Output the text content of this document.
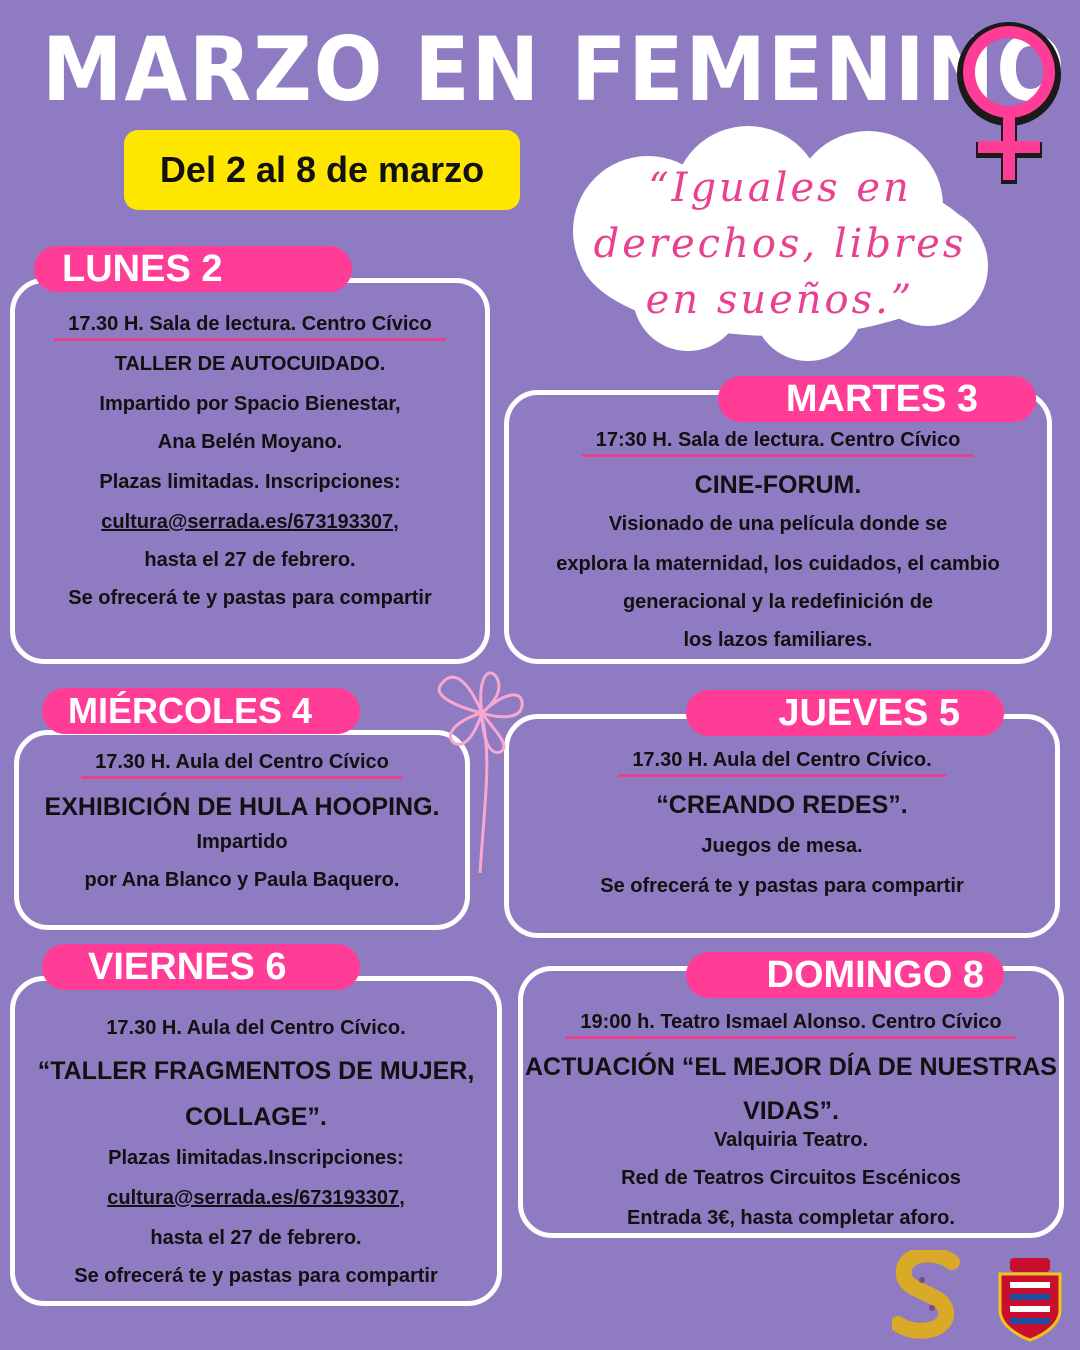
MARZO EN FEMENINO
Del 2 al 8 de marzo	“Iguales en
derechos, libres
en sueños.”
17.30 H. Sala de lectura. Centro Cívico
TALLER DE AUTOCUIDADO.
Impartido por Spacio Bienestar,
Ana Belén Moyano.
Plazas limitadas. Inscripciones:
cultura@serrada.es/673193307,
hasta el 27 de febrero.
Se ofrecerá te y pastas para compartir
LUNES 2
17:30 H. Sala de lectura. Centro Cívico
CINE-FORUM.
Visionado de una película donde se
explora la maternidad, los cuidados, el cambio
generacional y la redefinición de
los lazos familiares.
MARTES 3
17.30 H. Aula del Centro Cívico
EXHIBICIÓN DE HULA HOOPING.
Impartido
por Ana Blanco y Paula Baquero.
MIÉRCOLES 4
17.30 H. Aula del Centro Cívico.
“CREANDO REDES”.
Juegos de mesa.
Se ofrecerá te y pastas para compartir
JUEVES 5
17.30 H. Aula del Centro Cívico.
“TALLER FRAGMENTOS DE MUJER,
COLLAGE”.
Plazas limitadas.Inscripciones:
cultura@serrada.es/673193307,
hasta el 27 de febrero.
Se ofrecerá te y pastas para compartir
VIERNES 6
19:00 h. Teatro Ismael Alonso. Centro Cívico
ACTUACIÓN “EL MEJOR DÍA DE NUESTRAS
VIDAS”.
Valquiria Teatro.
Red de Teatros Circuitos Escénicos
Entrada 3€, hasta completar aforo.
DOMINGO 8
